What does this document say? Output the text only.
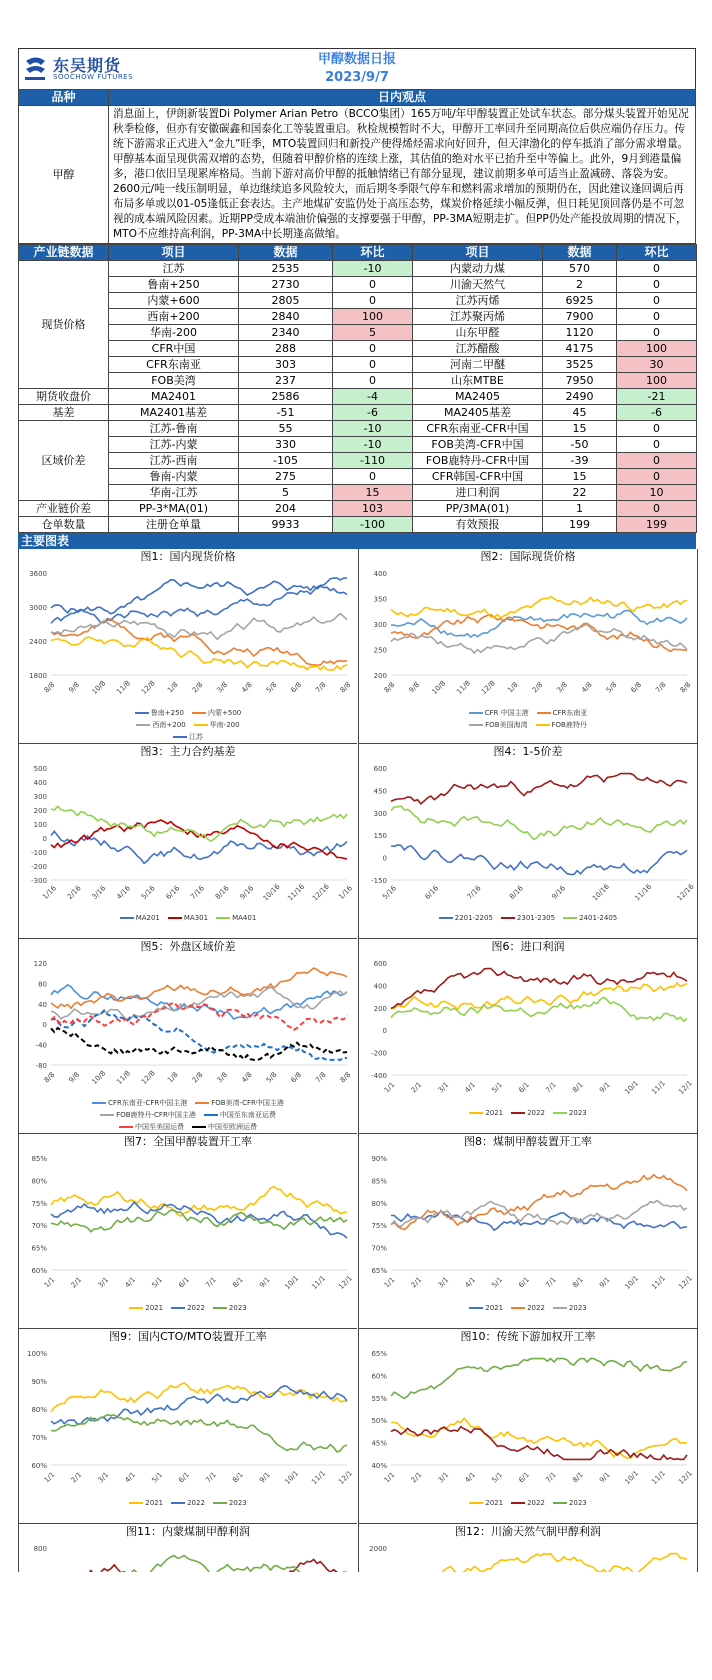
东吴期货
SOOCHOW FUTURES
甲醇数据日报
2023/9/7
品种	日内观点
甲醇	消息面上，伊朗新装置Di Polymer Arian Petro（BCCO集团）165万吨/年甲醇装置正处试车状态。部分煤头装置开始见况秋季检修，但亦有安徽碳鑫和国泰化工等装置重启。秋检规模暂时不大，甲醇开工率回升至同期高位后供应端仍存压力。传统下游需求正式进入“金九”旺季，MTO装置回归和新投产使得烯烃需求向好回升，但天津渤化的停车抵消了部分需求增量。甲醇基本面呈现供需双增的态势，但随着甲醇价格的连续上涨，其估值的绝对水平已抬升至中等偏上。此外，9月到港量偏多，港口依旧呈现累库格局。当前下游对高价甲醇的抵触情绪已有部分显现，建议前期多单可适当止盈减磅、落袋为安。2600元/吨一线压制明显，单边继续追多风险较大，而后期冬季限气停车和燃料需求增加的预期仍在，因此建议逢回调后再布局多单或以01-05逢低正套表达。主产地煤矿安监仍处于高压态势，煤炭价格延续小幅反弹，但日耗见顶回落仍是不可忽视的成本端风险因素。近期PP受成本端油价偏强的支撑要强于甲醇，PP-3MA短期走扩。但PP仍处产能投放周期的情况下，MTO不应维持高利润，PP-3MA中长期逢高做缩。
产业链数据	项目	数据	环比	项目	数据	环比
现货价格	江苏	2535	-10	内蒙动力煤	570	0
	鲁南+250	2730	0	川渝天然气	2	0
	内蒙+600	2805	0	江苏丙烯	6925	0
	西南+200	2840	100	江苏聚丙烯	7900	0
	华南-200	2340	5	山东甲醛	1120	0
	CFR中国	288	0	江苏醋酸	4175	100
	CFR东南亚	303	0	河南二甲醚	3525	30
	FOB美湾	237	0	山东MTBE	7950	100
期货收盘价	MA2401	2586	-4	MA2405	2490	-21
基差	MA2401基差	-51	-6	MA2405基差	45	-6
区域价差	江苏-鲁南	55	-10	CFR东南亚-CFR中国	15	0
	江苏-内蒙	330	-10	FOB美湾-CFR中国	-50	0
	江苏-西南	-105	-110	FOB鹿特丹-CFR中国	-39	0
	鲁南-内蒙	275	0	CFR韩国-CFR中国	15	0
	华南-江苏	5	15	进口利润	22	10
产业链价差	PP-3*MA(01)	204	103	PP/3MA(01)	1	0
仓单数量	注册仓单量	9933	-100	有效预报	199	199
主要图表
图1：国内现货价格
3600
3000
2400
1800
8/8 9/8 10/8 11/8 12/8 1/8 2/8 3/8 4/8 5/8 6/8 7/8 8/8
鲁南+250	内蒙+500
西南+200	华南-200
江苏
图2：国际现货价格
400
350
300
250
200
8/8 9/8 10/8 11/8 12/8 1/8 2/8 3/8 4/8 5/8 6/8 7/8 8/8
CFR 中国主港	CFR东南亚
FOB美国海湾	FOB鹿特丹

图3：主力合约基差
500
400
300
200
100
0
-100
-200
-300
1/16 2/16 3/16 4/16 5/16 6/16 7/16 8/16 9/16 10/16 11/16 12/16 1/16
MA201	MA301	MA401
图4：1-5价差
600
450
300
150
0
-150
5/16	6/16	7/16	8/16	9/16	10/16	11/16	12/16
2201-2205	2301-2305	2401-2405
图5：外盘区域价差
120
80
40
0
-40
-80
8/8 9/8 10/8 11/8 12/8 1/8 2/8 3/8 4/8 5/8 6/8 7/8 8/8
CFR东南亚-CFR中国主港	FOB美湾-CFR中国主港
FOB鹿特丹-CFR中国主港	中国至东南亚运费
中国至美国运费	中国至欧洲运费

图6：进口利润
600
400
200
0
-200
-400
1/1 2/1 3/1 4/1 5/1 6/1 7/1 8/1 9/1 10/1 11/1 12/1
2021	2022	2023
图7：全国甲醇装置开工率
85%
80%
75%
70%
65%
60%
1/1 2/1 3/1 4/1 5/1 6/1 7/1 8/1 9/1 10/1 11/1 12/1
2021	2022	2023
图8：煤制甲醇装置开工率
90%
85%
80%
75%
70%
65%
1/1 2/1 3/1 4/1 5/1 6/1 7/1 8/1 9/1 10/1 11/1 12/1
2021	2022	2023
图9：国内CTO/MTO装置开工率
100%
90%
80%
70%
60%
1/1 2/1 3/1 4/1 5/1 6/1 7/1 8/1 9/1 10/1 11/1 12/1
2021	2022	2023
图10：传统下游加权开工率
65%
60%
55%
50%
45%
40%
1/1 2/1 3/1 4/1 5/1 6/1 7/1 8/1 9/1 10/1 11/1 12/1
2021	2022	2023
图11：内蒙煤制甲醇利润
800
400
0
1/1	2/1	3/1	4/1	5/1	6/1	7/1	8/1	9/1
图12：川渝天然气制甲醇利润
2000
1500
1000
500
